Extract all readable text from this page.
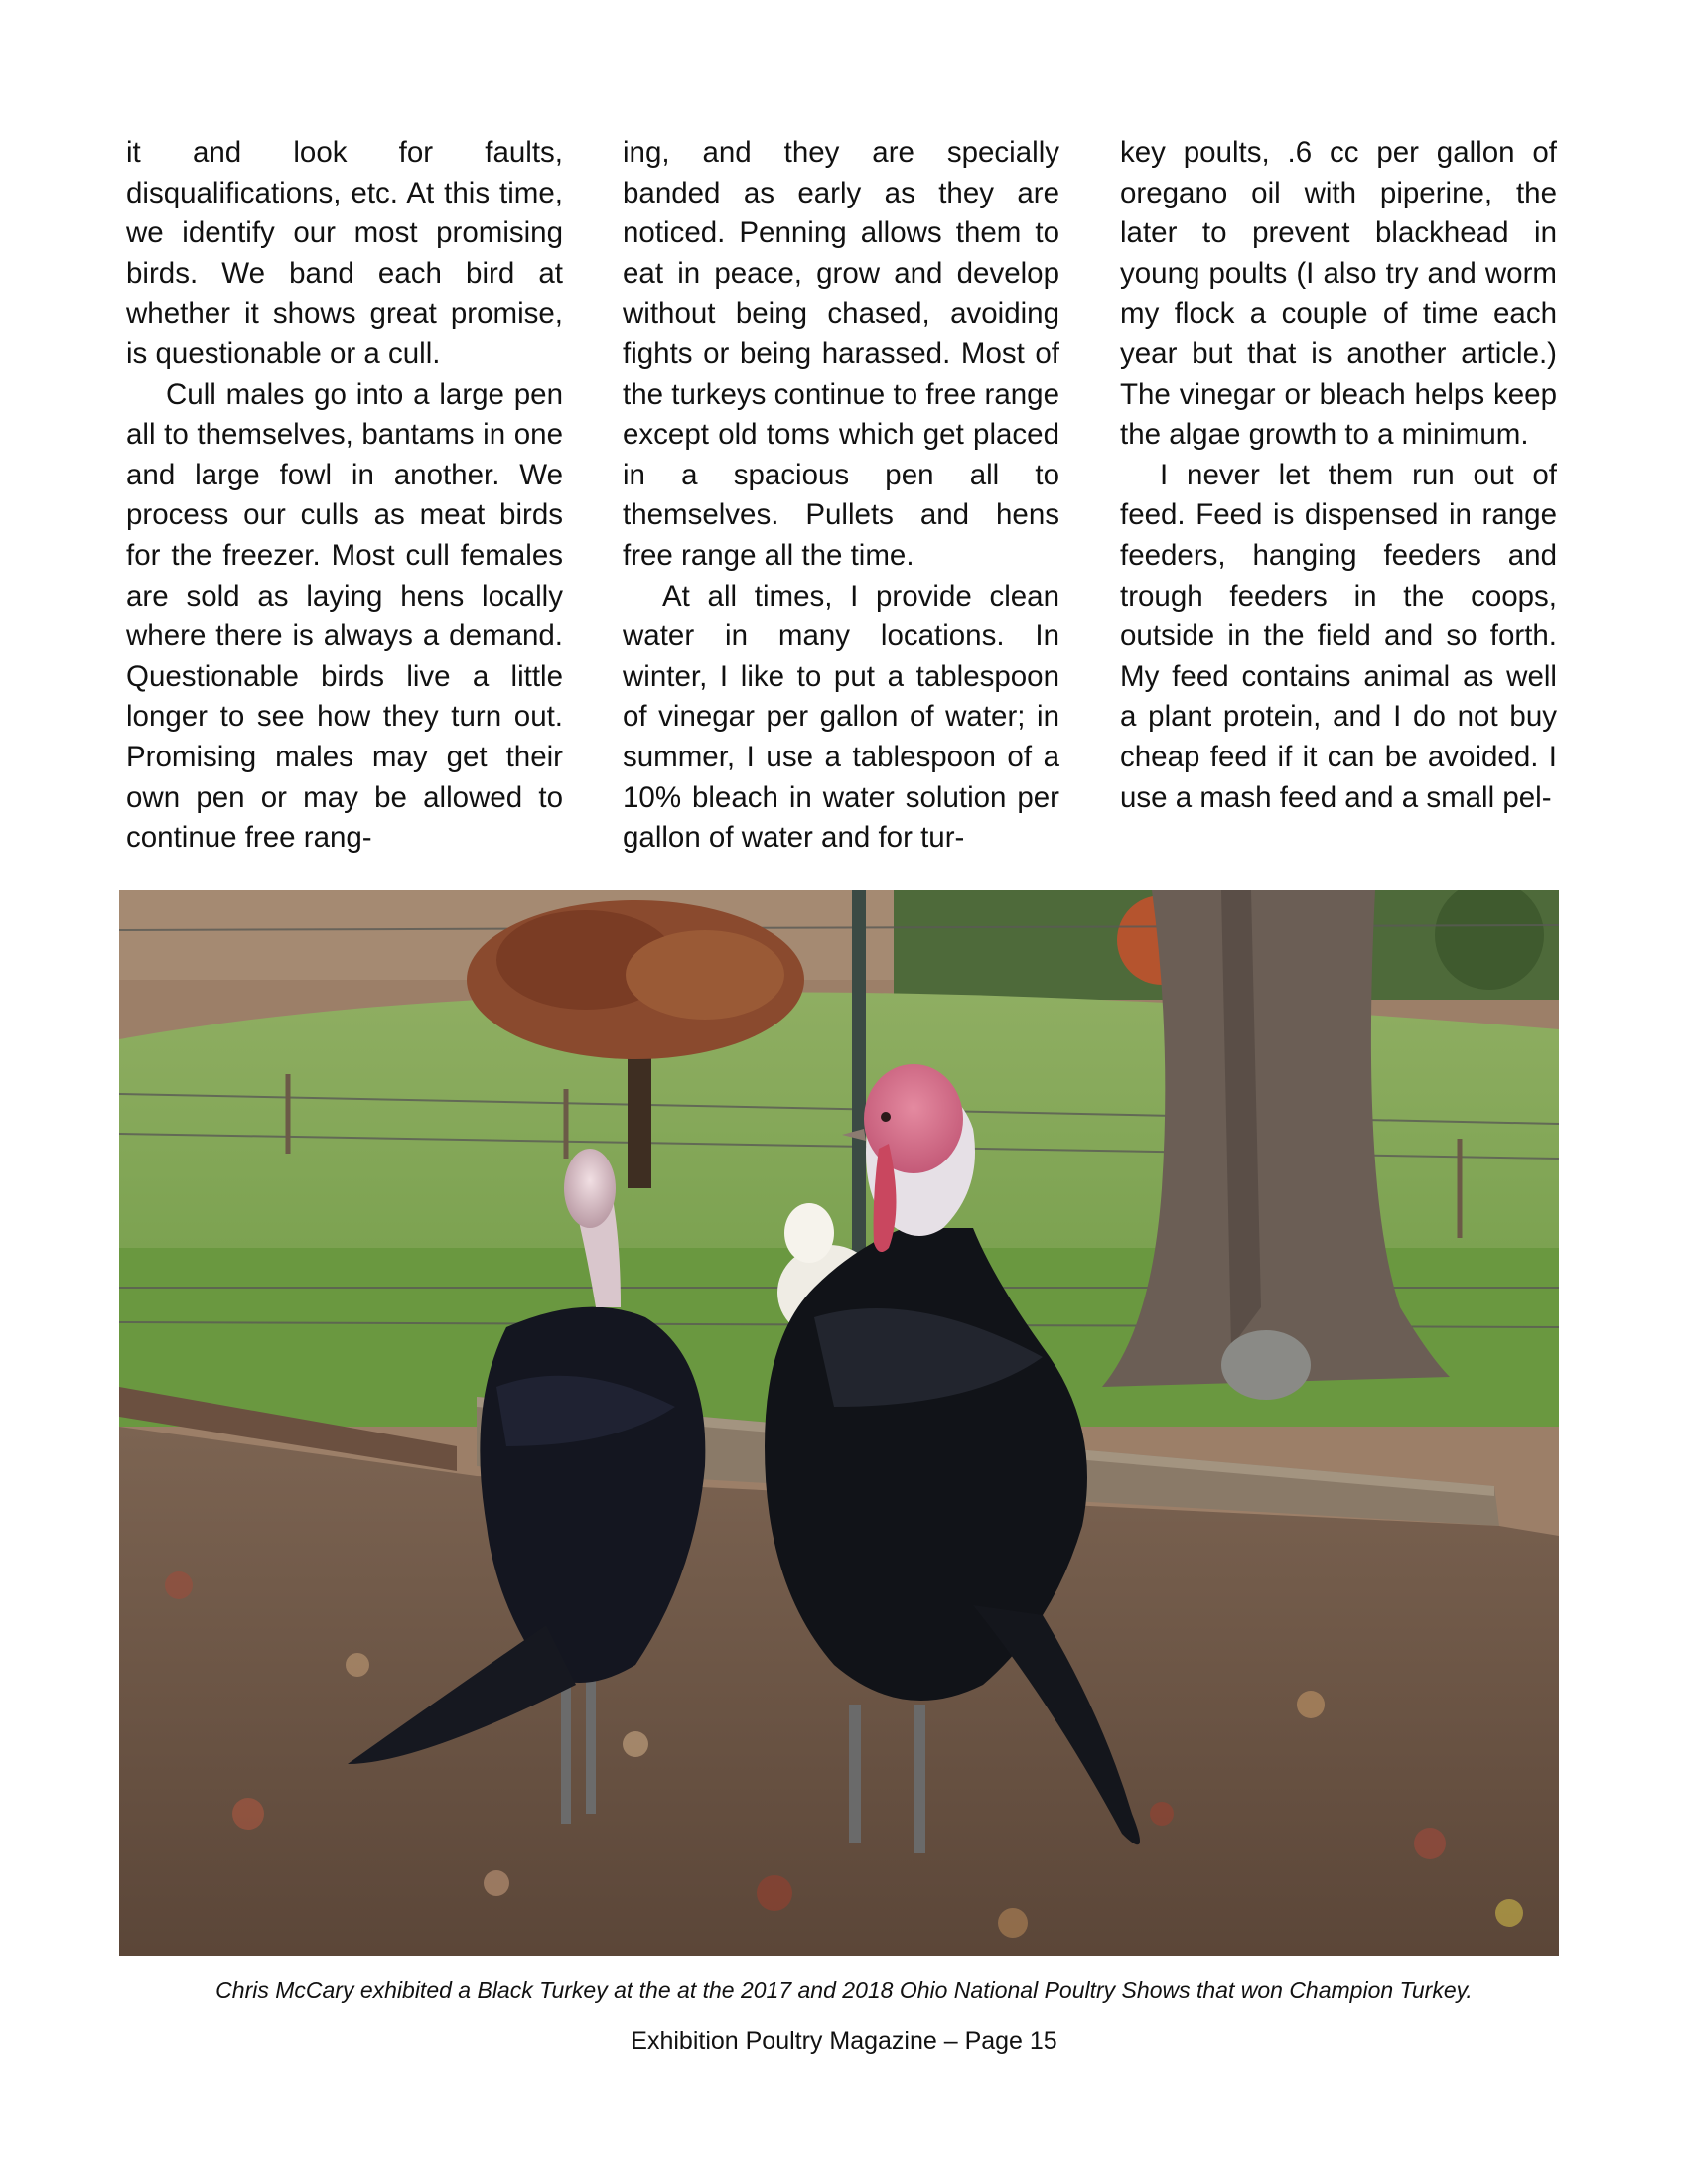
it and look for faults, disqualifications, etc. At this time, we identify our most promising birds. We band each bird at whether it shows great promise, is questionable or a cull.

Cull males go into a large pen all to themselves, bantams in one and large fowl in another. We process our culls as meat birds for the freezer. Most cull females are sold as laying hens locally where there is always a demand. Questionable birds live a little longer to see how they turn out. Promising males may get their own pen or may be allowed to continue free rang-

ing, and they are specially banded as early as they are noticed. Penning allows them to eat in peace, grow and develop without being chased, avoiding fights or being harassed. Most of the turkeys continue to free range except old toms which get placed in a spacious pen all to themselves. Pullets and hens free range all the time.

At all times, I provide clean water in many locations. In winter, I like to put a tablespoon of vinegar per gallon of water; in summer, I use a tablespoon of a 10% bleach in water solution per gallon of water and for tur-

key poults, .6 cc per gallon of oregano oil with piperine, the later to prevent blackhead in young poults (I also try and worm my flock a couple of time each year but that is another article.) The vinegar or bleach helps keep the algae growth to a minimum.

I never let them run out of feed. Feed is dispensed in range feeders, hanging feeders and trough feeders in the coops, outside in the field and so forth. My feed contains animal as well a plant protein, and I do not buy cheap feed if it can be avoided. I use a mash feed and a small pel-

Chris McCary exhibited a Black Turkey at the at the 2017 and 2018 Ohio National Poultry Shows that won Champion Turkey.
Exhibition Poultry Magazine – Page 15
